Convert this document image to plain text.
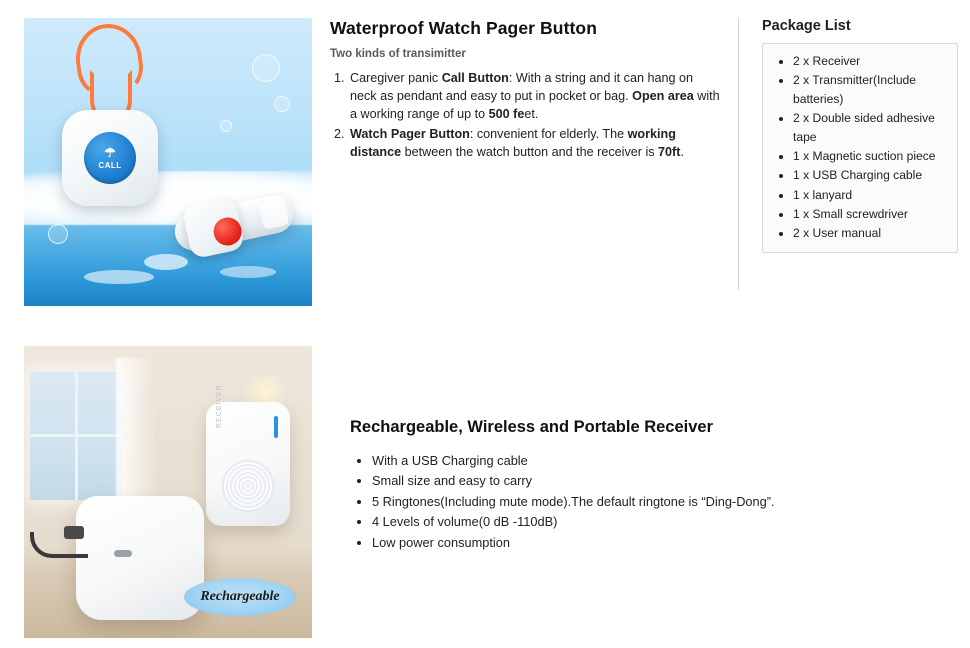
☂
CALL
Waterproof Watch Pager Button
Two kinds of transimitter
1. Caregiver panic Call Button: With a string and it can hang on neck as pendant and easy to put in pocket or bag. Open area with a working range of up to 500 feet.
2. Watch Pager Button: convenient for elderly. The working distance between the watch button and the receiver is 70ft.
Package List
• 2 x Receiver
• 2 x Transmitter(Include batteries)
• 2 x Double sided adhesive tape
• 1 x Magnetic suction piece
• 1 x USB Charging cable
• 1 x lanyard
• 1 x Small screwdriver
• 2 x User manual
RECEIVER
Rechargeable
Rechargeable, Wireless and Portable Receiver
• With a USB Charging cable
• Small size and easy to carry
• 5 Ringtones(Including mute mode).The default ringtone is “Ding-Dong”.
• 4 Levels of volume(0 dB -110dB)
• Low power consumption
